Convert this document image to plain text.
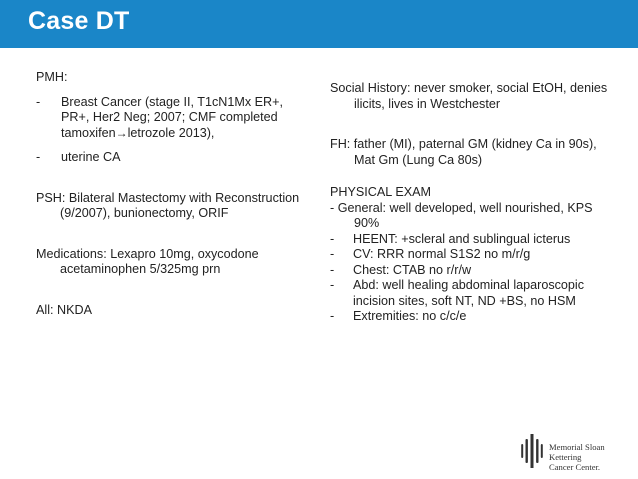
Case DT

PMH:

-	Breast Cancer (stage II, T1cN1Mx ER+, PR+, Her2 Neg; 2007; CMF completed tamoxifen→letrozole 2013),
-	uterine CA

PSH: Bilateral Mastectomy with Reconstruction (9/2007), bunionectomy, ORIF

Medications: Lexapro 10mg, oxycodone acetaminophen 5/325mg prn

All: NKDA

Social History: never smoker, social EtOH, denies ilicits, lives in Westchester

FH: father (MI), paternal GM (kidney Ca in 90s), Mat Gm (Lung Ca 80s)

PHYSICAL EXAM

- General: well developed, well nourished, KPS 90%

-	HEENT: +scleral and sublingual icterus
-	CV: RRR normal S1S2 no m/r/g
-	Chest: CTAB no r/r/w
-	Abd: well healing abdominal laparoscopic incision sites, soft NT, ND +BS, no HSM
-	Extremities: no c/c/e
Memorial Sloan Kettering
Cancer Center.
